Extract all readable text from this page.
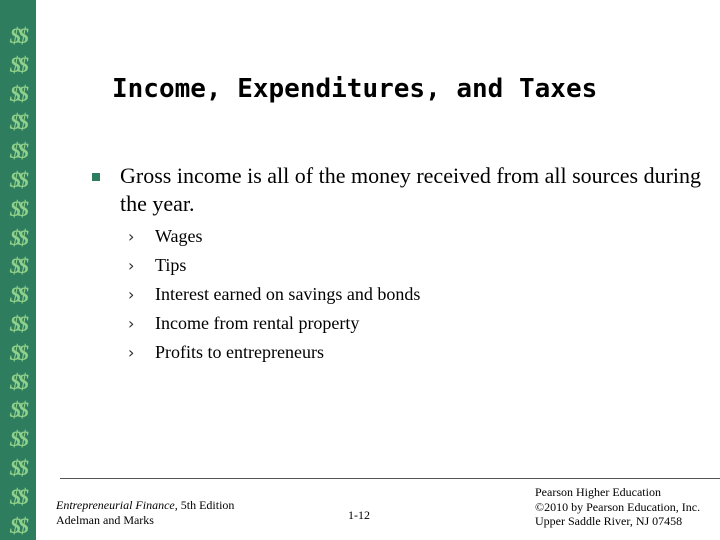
$$
$$
$$
$$
$$
$$
$$
$$
$$
$$
$$
$$
$$
$$
$$
$$
$$
$$
Income, Expenditures, and Taxes
Gross income is all of the money received from all sources during the year.
›	Wages
›	Tips
›	Interest earned on savings and bonds
›	Income from rental property
›	Profits to entrepreneurs
Entrepreneurial Finance, 5th Edition
Adelman and Marks	1-12
Pearson Higher Education
©2010 by Pearson Education, Inc.
Upper Saddle River, NJ 07458
